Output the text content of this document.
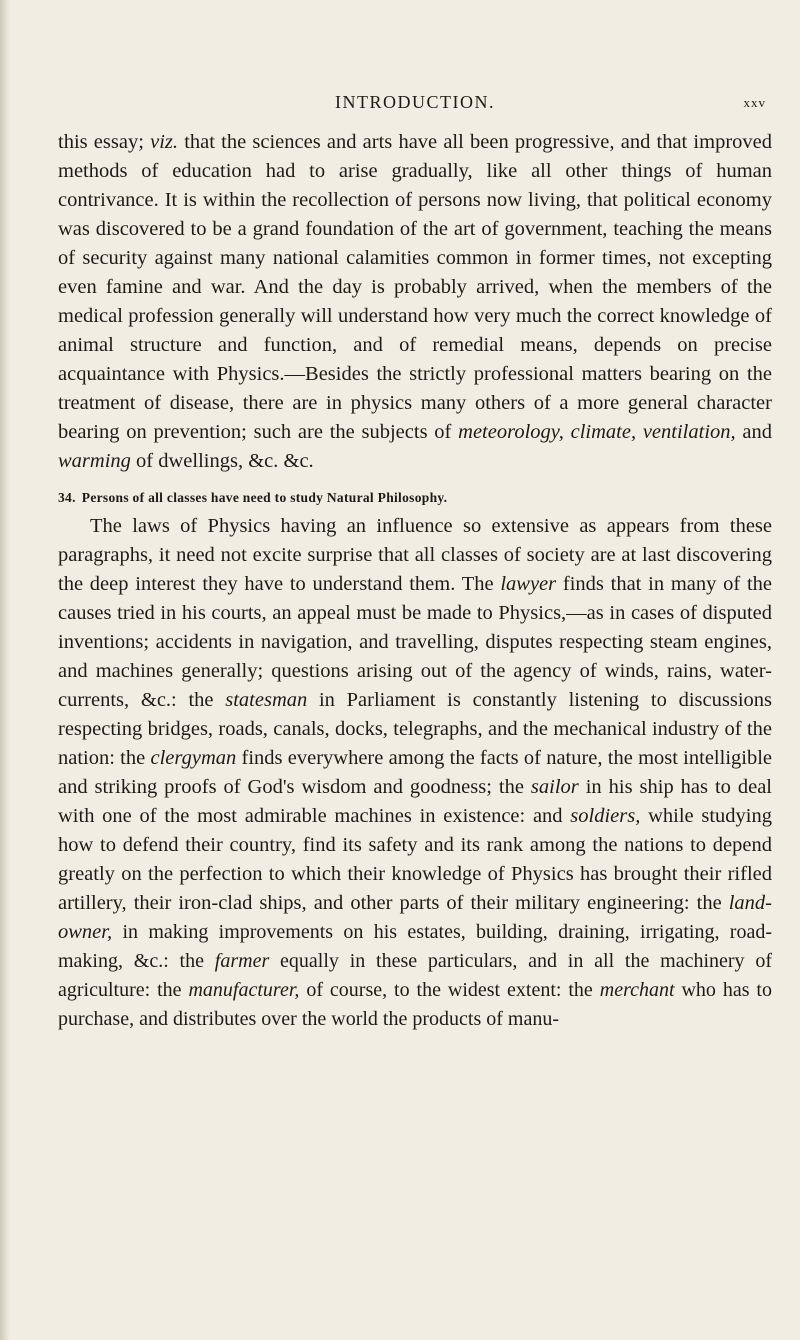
INTRODUCTION.	xxv

this essay; viz. that the sciences and arts have all been progressive, and that improved methods of education had to arise gradually, like all other things of human contrivance. It is within the recollection of persons now living, that political economy was discovered to be a grand foundation of the art of government, teaching the means of security against many national calamities common in former times, not excepting even famine and war. And the day is probably arrived, when the members of the medical profession generally will understand how very much the correct knowledge of animal structure and function, and of remedial means, depends on precise acquaintance with Physics.—Besides the strictly professional matters bearing on the treatment of disease, there are in physics many others of a more general character bearing on prevention; such are the subjects of meteorology, climate, ventilation, and warming of dwellings, &c. &c.

34. Persons of all classes have need to study Natural Philosophy.

The laws of Physics having an influence so extensive as appears from these paragraphs, it need not excite surprise that all classes of society are at last discovering the deep interest they have to understand them. The lawyer finds that in many of the causes tried in his courts, an appeal must be made to Physics,—as in cases of disputed inventions; accidents in navigation, and travelling, disputes respecting steam engines, and machines generally; questions arising out of the agency of winds, rains, water-currents, &c.: the statesman in Parliament is constantly listening to discussions respecting bridges, roads, canals, docks, telegraphs, and the mechanical industry of the nation: the clergyman finds everywhere among the facts of nature, the most intelligible and striking proofs of God's wisdom and goodness; the sailor in his ship has to deal with one of the most admirable machines in existence: and soldiers, while studying how to defend their country, find its safety and its rank among the nations to depend greatly on the perfection to which their knowledge of Physics has brought their rifled artillery, their iron-clad ships, and other parts of their military engineering: the land-owner, in making improvements on his estates, building, draining, irrigating, road-making, &c.: the farmer equally in these particulars, and in all the machinery of agriculture: the manufacturer, of course, to the widest extent: the merchant who has to purchase, and distributes over the world the products of manu-
